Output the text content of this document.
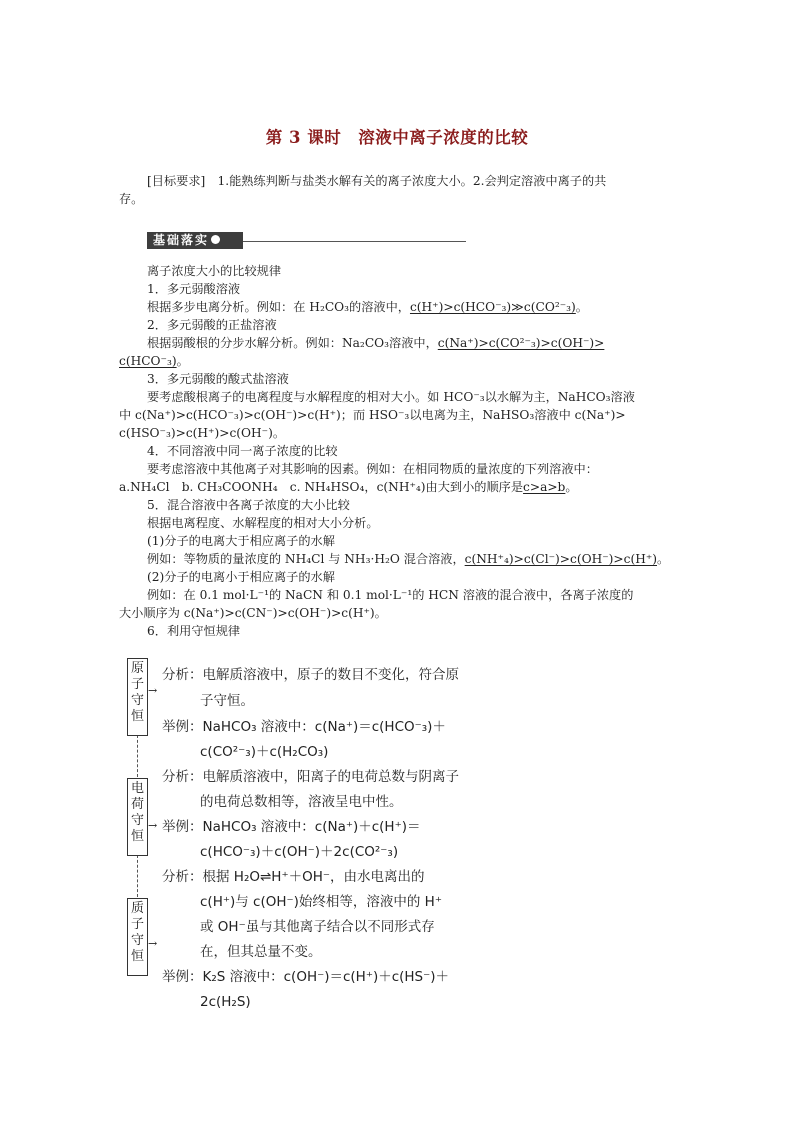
第 3 课时　溶液中离子浓度的比较
[目标要求]　1.能熟练判断与盐类水解有关的离子浓度大小。2.会判定溶液中离子的共
存。
基础落实
离子浓度大小的比较规律
1．多元弱酸溶液
根据多步电离分析。例如：在 H₂CO₃的溶液中，c(H⁺)>c(HCO⁻₃)≫c(CO²⁻₃)。
2．多元弱酸的正盐溶液
根据弱酸根的分步水解分析。例如：Na₂CO₃溶液中，c(Na⁺)>c(CO²⁻₃)>c(OH⁻)>
c(HCO⁻₃)。
3．多元弱酸的酸式盐溶液
要考虑酸根离子的电离程度与水解程度的相对大小。如 HCO⁻₃以水解为主，NaHCO₃溶液
中 c(Na⁺)>c(HCO⁻₃)>c(OH⁻)>c(H⁺)；而 HSO⁻₃以电离为主，NaHSO₃溶液中 c(Na⁺)>
c(HSO⁻₃)>c(H⁺)>c(OH⁻)。
4．不同溶液中同一离子浓度的比较
要考虑溶液中其他离子对其影响的因素。例如：在相同物质的量浓度的下列溶液中：
a.NH₄Cl　b. CH₃COONH₄　c. NH₄HSO₄，c(NH⁺₄)由大到小的顺序是c>a>b。
5．混合溶液中各离子浓度的大小比较
根据电离程度、水解程度的相对大小分析。
(1)分子的电离大于相应离子的水解
例如：等物质的量浓度的 NH₄Cl 与 NH₃·H₂O 混合溶液，c(NH⁺₄)>c(Cl⁻)>c(OH⁻)>c(H⁺)。
(2)分子的电离小于相应离子的水解
例如：在 0.1 mol·L⁻¹的 NaCN 和 0.1 mol·L⁻¹的 HCN 溶液的混合液中，各离子浓度的
大小顺序为 c(Na⁺)>c(CN⁻)>c(OH⁻)>c(H⁺)。
6．利用守恒规律
原子守恒
→
电荷守恒
→
质子守恒
→
分析：电解质溶液中，原子的数目不变化，符合原
子守恒。
举例：NaHCO₃ 溶液中：c(Na⁺)＝c(HCO⁻₃)＋
c(CO²⁻₃)＋c(H₂CO₃)
分析：电解质溶液中，阳离子的电荷总数与阴离子
的电荷总数相等，溶液呈电中性。
举例：NaHCO₃ 溶液中：c(Na⁺)＋c(H⁺)＝
c(HCO⁻₃)＋c(OH⁻)＋2c(CO²⁻₃)
分析：根据 H₂O⇌H⁺＋OH⁻，由水电离出的
c(H⁺)与 c(OH⁻)始终相等，溶液中的 H⁺
或 OH⁻虽与其他离子结合以不同形式存
在，但其总量不变。
举例：K₂S 溶液中：c(OH⁻)＝c(H⁺)＋c(HS⁻)＋
2c(H₂S)
